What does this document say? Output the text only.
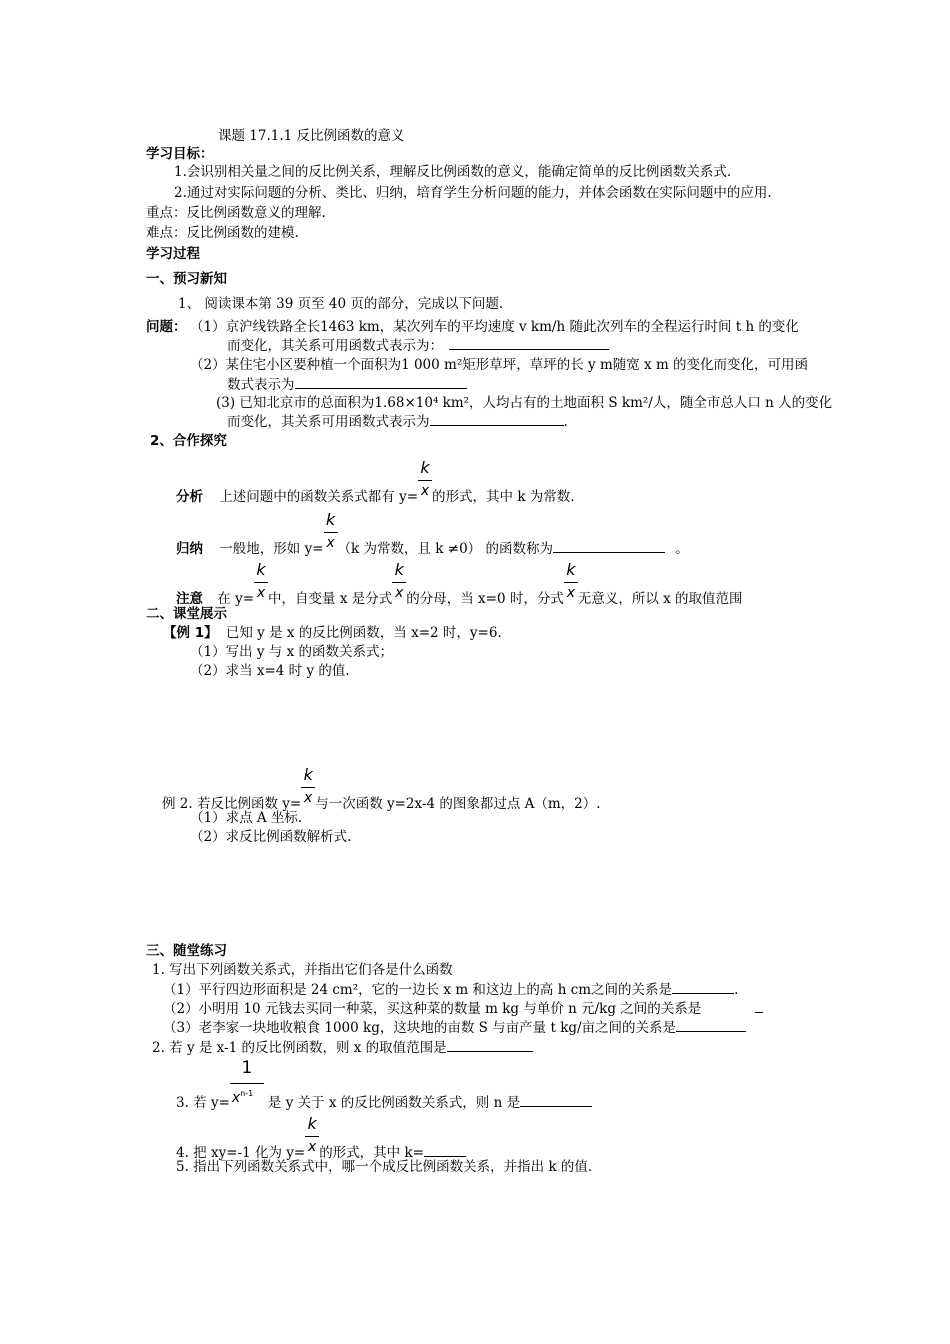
课题 17.1.1 反比例函数的意义
学习目标：
1.会识别相关量之间的反比例关系，理解反比例函数的意义，能确定简单的反比例函数关系式.
2.通过对实际问题的分析、类比、归纳，培育学生分析问题的能力，并体会函数在实际问题中的应用.
重点：反比例函数意义的理解.
难点：反比例函数的建模.
学习过程
一、预习新知
1、 阅读课本第 39 页至 40 页的部分，完成以下问题.
问题： （1）京沪线铁路全长1463 km，某次列车的平均速度 v km/h 随此次列车的全程运行时间 t h 的变化
而变化，其关系可用函数式表示为：
（2）某住宅小区要种植一个面积为1 000 m²矩形草坪，草坪的长 y m随宽 x m 的变化而变化，可用函
数式表示为
(3) 已知北京市的总面积为1.68×10⁴ km²，人均占有的土地面积 S km²/人，随全市总人口 n 人的变化
而变化，其关系可用函数式表示为	.
2、合作探究
分析 上述问题中的函数关系式都有 $y= \frac{k}{x}$ 的形式，其中 k 为常数.
归纳 一般地，形如 $y= \frac{k}{x} (k$ 为常数，且 k ≠0） 的函数称为	。
注意 在 $y= \frac{k}{x}$ 中，自变量 x 是分式 $\frac{k}{x}$ 的分母，当 x=0 时，分式 $\frac{k}{x}$ 无意义，所以 x 的取值范围
二、课堂展示
【例 1】 已知 y 是 x 的反比例函数，当 x=2 时，y=6.
（1）写出 y 与 x 的函数关系式；
（2）求当 x=4 时 y 的值.
例 2. 若反比例函数 $y= \frac{k}{x}$ 与一次函数 y=2x-4 的图象都过点 A（m，2）.
（1）求点 A 坐标.
（2）求反比例函数解析式.
三、随堂练习
1. 写出下列函数关系式，并指出它们各是什么函数
（1）平行四边形面积是 24 cm²，它的一边长 x m 和这边上的高 h cm之间的关系是	.
（2）小明用 10 元钱去买同一种菜，买这种菜的数量 m kg 与单价 n 元/kg 之间的关系是
（3）老李家一块地收粮食 1000 kg，这块地的亩数 S 与亩产量 t kg/亩之间的关系是
2. 若 y 是 x-1 的反比例函数，则 x 的取值范围是
3. 若 $y= \frac{1}{x^{n-1}}$ 是 y 关于 x 的反比例函数关系式，则 n 是
4. 把 xy=-1 化为 $y= \frac{k}{x}$ 的形式，其中 k=
5. 指出下列函数关系式中，哪一个成反比例函数关系，并指出 k 的值.
